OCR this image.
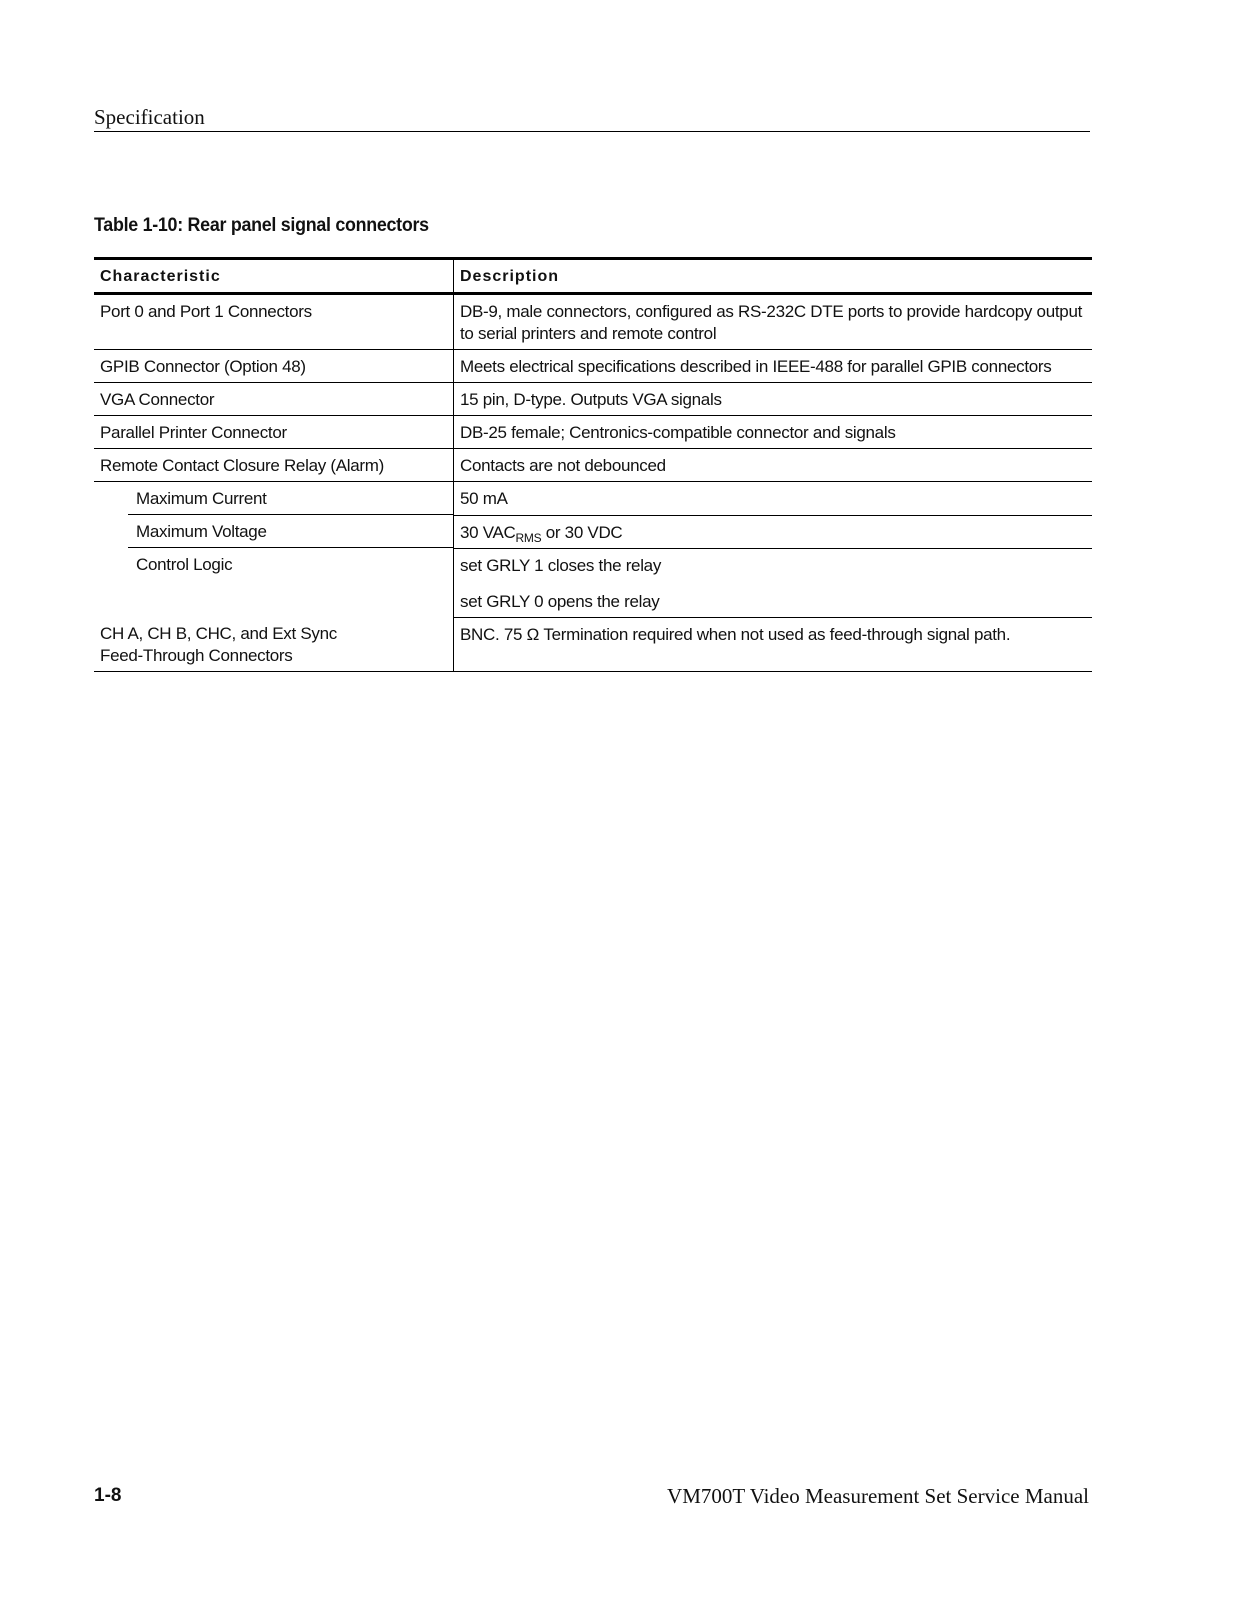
Specification
Table 1-10: Rear panel signal connectors
Characteristic	Description
Port 0 and Port 1 Connectors	DB-9, male connectors, configured as RS-232C DTE ports to provide hardcopy output to serial printers and remote control
GPIB Connector (Option 48)	Meets electrical specifications described in IEEE-488 for parallel GPIB connectors
VGA Connector	15 pin, D-type. Outputs VGA signals
Parallel Printer Connector	DB-25 female; Centronics-compatible connector and signals
Remote Contact Closure Relay (Alarm)	Contacts are not debounced

Maximum Current	50 mA

Maximum Voltage	30 $VAC_{RMS}$ or 30 VDC
Control Logic	set GRLY 1 closes the relay
set GRLY 0 opens the relay

CH A, CH B, CHC, and Ext Sync
Feed-Through Connectors	BNC. 75 Ω Termination required when not used as feed-through signal path.
1-8	VM700T Video Measurement Set Service Manual
